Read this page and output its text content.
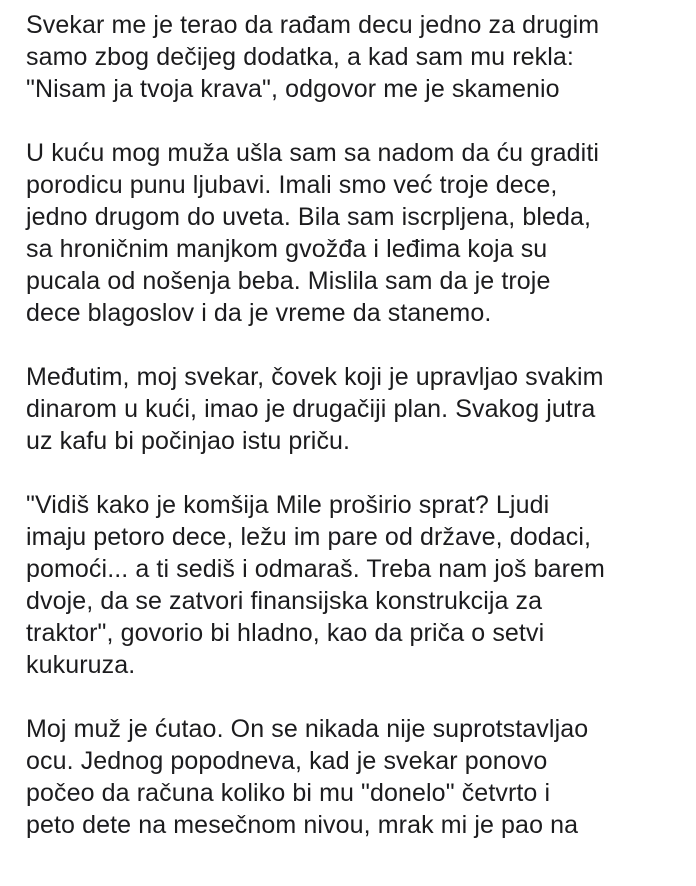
Svekar me je terao da rađam decu jedno za drugim
samo zbog dečijeg dodatka, a kad sam mu rekla:
"Nisam ja tvoja krava", odgovor me je skamenio
U kuću mog muža ušla sam sa nadom da ću graditi
porodicu punu ljubavi. Imali smo već troje dece,
jedno drugom do uveta. Bila sam iscrpljena, bleda,
sa hroničnim manjkom gvožđa i leđima koja su
pucala od nošenja beba. Mislila sam da je troje
dece blagoslov i da je vreme da stanemo.
Međutim, moj svekar, čovek koji je upravljao svakim
dinarom u kući, imao je drugačiji plan. Svakog jutra
uz kafu bi počinjao istu priču.
"Vidiš kako je komšija Mile proširio sprat? Ljudi
imaju petoro dece, ležu im pare od države, dodaci,
pomoći... a ti sediš i odmaraš. Treba nam još barem
dvoje, da se zatvori finansijska konstrukcija za
traktor", govorio bi hladno, kao da priča o setvi
kukuruza.
Moj muž je ćutao. On se nikada nije suprotstavljao
ocu. Jednog popodneva, kad je svekar ponovo
počeo da računa koliko bi mu "donelo" četvrto i
peto dete na mesečnom nivou, mrak mi je pao na
